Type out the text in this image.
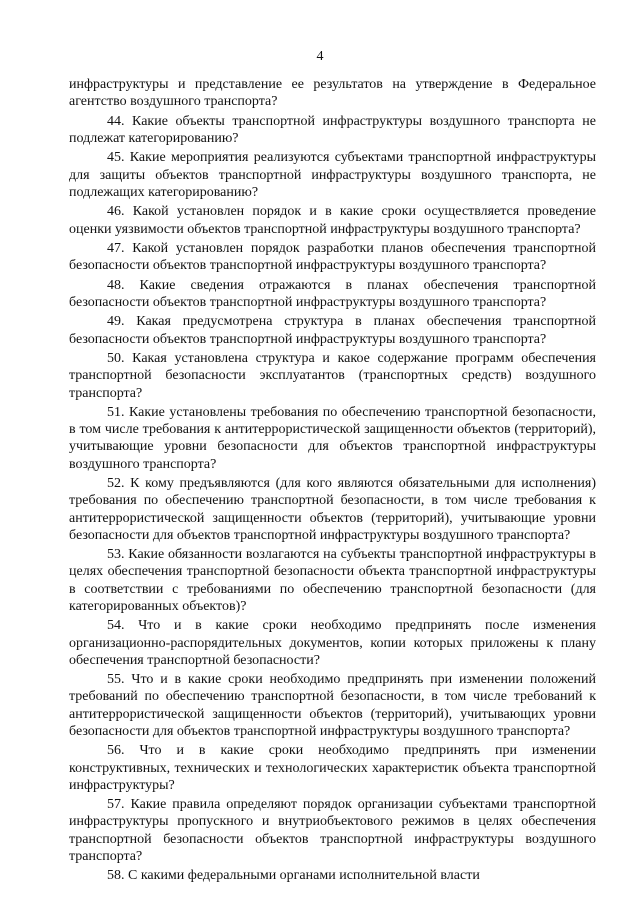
4

инфраструктуры и представление ее результатов на утверждение в Федеральное агентство воздушного транспорта?

44. Какие объекты транспортной инфраструктуры воздушного транспорта не подлежат категорированию?

45. Какие мероприятия реализуются субъектами транспортной инфраструктуры для защиты объектов транспортной инфраструктуры воздушного транспорта, не подлежащих категорированию?

46. Какой установлен порядок и в какие сроки осуществляется проведение оценки уязвимости объектов транспортной инфраструктуры воздушного транспорта?

47. Какой установлен порядок разработки планов обеспечения транспортной безопасности объектов транспортной инфраструктуры воздушного транспорта?

48. Какие сведения отражаются в планах обеспечения транспортной безопасности объектов транспортной инфраструктуры воздушного транспорта?

49. Какая предусмотрена структура в планах обеспечения транспортной безопасности объектов транспортной инфраструктуры воздушного транспорта?

50. Какая установлена структура и какое содержание программ обеспечения транспортной безопасности эксплуатантов (транспортных средств) воздушного транспорта?

51. Какие установлены требования по обеспечению транспортной безопасности, в том числе требования к антитеррористической защищенности объектов (территорий), учитывающие уровни безопасности для объектов транспортной инфраструктуры воздушного транспорта?

52. К кому предъявляются (для кого являются обязательными для исполнения) требования по обеспечению транспортной безопасности, в том числе требования к антитеррористической защищенности объектов (территорий), учитывающие уровни безопасности для объектов транспортной инфраструктуры воздушного транспорта?

53. Какие обязанности возлагаются на субъекты транспортной инфраструктуры в целях обеспечения транспортной безопасности объекта транспортной инфраструктуры в соответствии с требованиями по обеспечению транспортной безопасности (для категорированных объектов)?

54. Что и в какие сроки необходимо предпринять после изменения организационно-распорядительных документов, копии которых приложены к плану обеспечения транспортной безопасности?

55. Что и в какие сроки необходимо предпринять при изменении положений требований по обеспечению транспортной безопасности, в том числе требований к антитеррористической защищенности объектов (территорий), учитывающих уровни безопасности для объектов транспортной инфраструктуры воздушного транспорта?

56. Что и в какие сроки необходимо предпринять при изменении конструктивных, технических и технологических характеристик объекта транспортной инфраструктуры?

57. Какие правила определяют порядок организации субъектами транспортной инфраструктуры пропускного и внутриобъектового режимов в целях обеспечения транспортной безопасности объектов транспортной инфраструктуры воздушного транспорта?

58. С какими федеральными органами исполнительной власти
